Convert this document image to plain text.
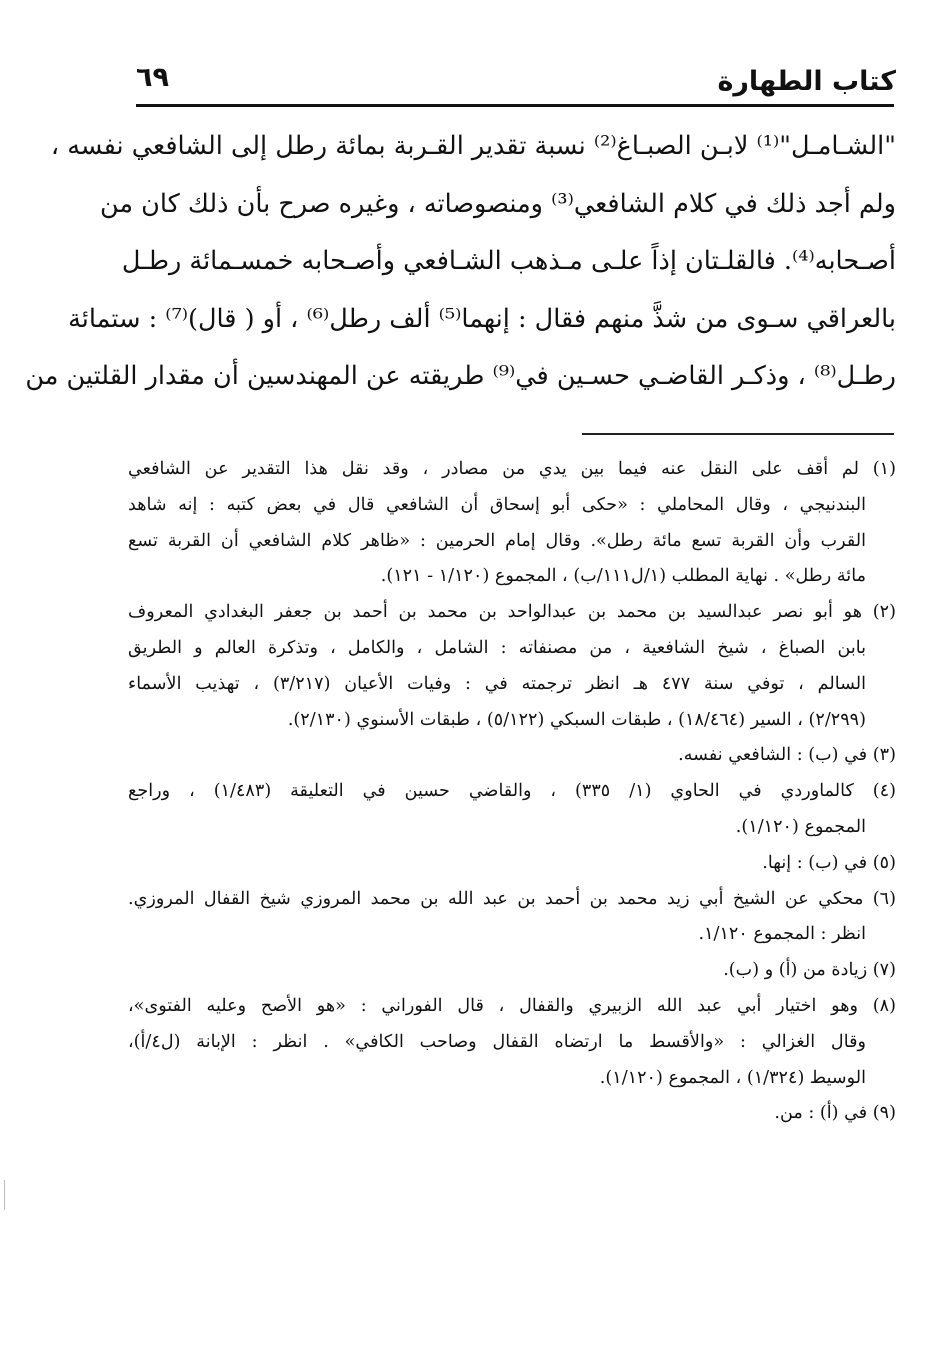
كتاب الطهارة
٦٩
"الشـامـل"⁽¹⁾ لابـن الصبـاغ⁽²⁾ نسبة تقدير القـربة بمائة رطل إلى الشافعي نفسه ،
ولم أجد ذلك في كلام الشافعي⁽³⁾ ومنصوصاته ، وغيره صرح بأن ذلك كان من
أصـحابه⁽⁴⁾. فالقلـتان إذاً علـى مـذهب الشـافعي وأصـحابه خمسـمائة رطـل
بالعراقي سـوى من شذَّ منهم فقال : إنهما⁽⁵⁾ ألف رطل⁽⁶⁾ ، أو ( قال)⁽⁷⁾ : ستمائة
رطـل⁽⁸⁾ ، وذكـر القاضـي حسـين في⁽⁹⁾ طريقته عن المهندسين أن مقدار القلتين من
(١) لم أقف على النقل عنه فيما بين يدي من مصادر ، وقد نقل هذا التقدير عن الشافعي
البندنيجي ، وقال المحاملي : «حكى أبو إسحاق أن الشافعي قال في بعض كتبه : إنه شاهد
القرب وأن القربة تسع مائة رطل». وقال إمام الحرمين : «ظاهر كلام الشافعي أن القربة تسع
مائة رطل» . نهاية المطلب (١/ل١١١/ب) ، المجموع (١/١٢٠ - ١٢١).
(٢) هو أبو نصر عبدالسيد بن محمد بن عبدالواحد بن محمد بن أحمد بن جعفر البغدادي المعروف
بابن الصباغ ، شيخ الشافعية ، من مصنفاته : الشامل ، والكامل ، وتذكرة العالم و الطريق
السالم ، توفي سنة ٤٧٧ هـ انظر ترجمته في : وفيات الأعيان (٣/٢١٧) ، تهذيب الأسماء
(٢/٢٩٩) ، السير (١٨/٤٦٤) ، طبقات السبكي (٥/١٢٢) ، طبقات الأسنوي (٢/١٣٠).
(٣) في (ب) : الشافعي نفسه.
(٤) كالماوردي في الحاوي (١/ ٣٣٥) ، والقاضي حسين في التعليقة (١/٤٨٣) ، وراجع
المجموع (١/١٢٠).
(٥) في (ب) : إنها.
(٦) محكي عن الشيخ أبي زيد محمد بن أحمد بن عبد الله بن محمد المروزي شيخ القفال المروزي.
انظر : المجموع ١/١٢٠.
(٧) زيادة من (أ) و (ب).
(٨) وهو اختيار أبي عبد الله الزبيري والقفال ، قال الفوراني : «هو الأصح وعليه الفتوى»،
وقال الغزالي : «والأقسط ما ارتضاه القفال وصاحب الكافي» . انظر : الإبانة (ل٤/أ)،
الوسيط (١/٣٢٤) ، المجموع (١/١٢٠).
(٩) في (أ) : من.
